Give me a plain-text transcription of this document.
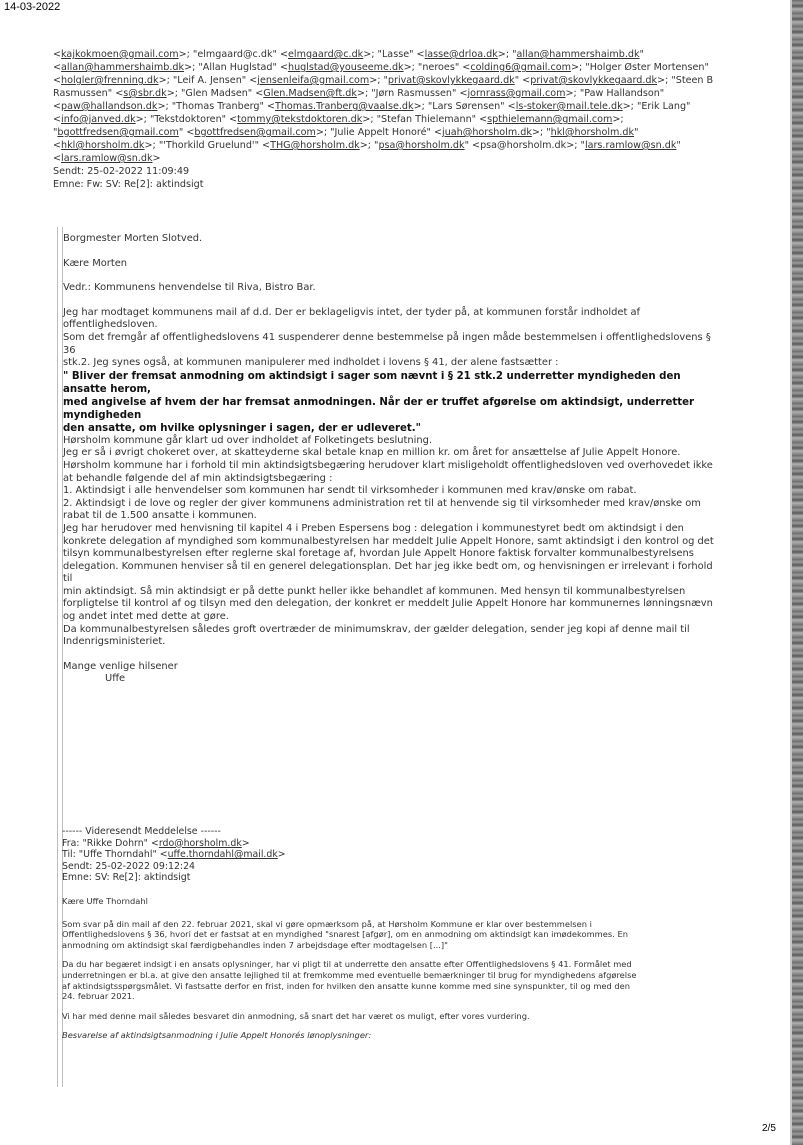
14-03-2022
<kajkokmoen@gmail.com>; "elmgaard@c.dk" <elmgaard@c.dk>; "Lasse" <lasse@drloa.dk>; "allan@hammershaimb.dk"
<allan@hammershaimb.dk>; "Allan Huglstad" <huglstad@youseeme.dk>; "neroes" <colding6@gmail.com>; "Holger Øster Mortensen"
<holgler@frenning.dk>; "Leif A. Jensen" <jensenleifa@gmail.com>; "privat@skovlykkegaard.dk" <privat@skovlykkegaard.dk>; "Steen B
Rasmussen" <s@sbr.dk>; "Glen Madsen" <Glen.Madsen@ft.dk>; "Jørn Rasmussen" <jornrass@gmail.com>; "Paw Hallandson"
<paw@hallandson.dk>; "Thomas Tranberg" <Thomas.Tranberg@vaalse.dk>; "Lars Sørensen" <ls-stoker@mail.tele.dk>; "Erik Lang"
<info@janved.dk>; "Tekstdoktoren" <tommy@tekstdoktoren.dk>; "Stefan Thielemann" <spthielemann@gmail.com>;
"bgottfredsen@gmail.com" <bgottfredsen@gmail.com>; "Julie Appelt Honoré" <juah@horsholm.dk>; "hkl@horsholm.dk"
<hkl@horsholm.dk>; "'Thorkild Gruelund'" <THG@horsholm.dk>; "psa@horsholm.dk" <psa@horsholm.dk>; "lars.ramlow@sn.dk"
<lars.ramlow@sn.dk>
Sendt: 25-02-2022 11:09:49
Emne: Fw: SV: Re[2]: aktindsigt

Borgmester Morten Slotved.

Kære Morten

Vedr.: Kommunens henvendelse til Riva, Bistro Bar.

Jeg har modtaget kommunens mail af d.d. Der er beklageligvis intet, der tyder på, at kommunen forstår indholdet af

offentlighedsloven.

Som det fremgår af offentlighedslovens 41 suspenderer denne bestemmelse på ingen måde bestemmelsen i offentlighedslovens § 36

stk.2. Jeg synes også, at kommunen manipulerer med indholdet i lovens § 41, der alene fastsætter :

" Bliver der fremsat anmodning om aktindsigt i sager som nævnt i § 21 stk.2 underretter myndigheden den ansatte herom,

med angivelse af hvem der har fremsat anmodningen. Når der er truffet afgørelse om aktindsigt, underretter myndigheden

den ansatte, om hvilke oplysninger i sagen, der er udleveret."

Hørsholm kommune går klart ud over indholdet af Folketingets beslutning.

Jeg er så i øvrigt chokeret over, at skatteyderne skal betale knap en million kr. om året for ansættelse af Julie Appelt Honore.

Hørsholm kommune har i forhold til min aktindsigtsbegæring herudover klart misligeholdt offentlighedsloven ved overhovedet ikke

at behandle følgende del af min aktindsigtsbegæring :

1. Aktindsigt i alle henvendelser som kommunen har sendt til virksomheder i kommunen med krav/ønske om rabat.

2. Aktindsigt i de love og regler der giver kommunens administration ret til at henvende sig til virksomheder med krav/ønske om

rabat til de 1.500 ansatte i kommunen.

Jeg har herudover med henvisning til kapitel 4 i Preben Espersens bog : delegation i kommunestyret bedt om aktindsigt i den

konkrete delegation af myndighed som kommunalbestyrelsen har meddelt Julie Appelt Honore, samt aktindsigt i den kontrol og det

tilsyn kommunalbestyrelsen efter reglerne skal foretage af, hvordan Jule Appelt Honore faktisk forvalter kommunalbestyrelsens

delegation. Kommunen henviser så til en generel delegationsplan. Det har jeg ikke bedt om, og henvisningen er irrelevant i forhold til

min aktindsigt. Så min aktindsigt er på dette punkt heller ikke behandlet af kommunen. Med hensyn til kommunalbestyrelsen

forpligtelse til kontrol af og tilsyn med den delegation, der konkret er meddelt Julie Appelt Honore har kommunernes lønningsnævn

og andet intet med dette at gøre.

Da kommunalbestyrelsen således groft overtræder de minimumskrav, der gælder delegation, sender jeg kopi af denne mail til

Indenrigsministeriet.

Mange venlige hilsener

Uffe

------ Videresendt Meddelelse ------

Fra: "Rikke Dohrn" <rdo@horsholm.dk>

Til: "Uffe Thorndahl" <uffe.thorndahl@mail.dk>

Sendt: 25-02-2022 09:12:24

Emne: SV: Re[2]: aktindsigt

Kære Uffe Thorndahl

Som svar på din mail af den 22. februar 2021, skal vi gøre opmærksom på, at Hørsholm Kommune er klar over bestemmelsen i

Offentlighedslovens § 36, hvori det er fastsat at en myndighed "snarest [afgør], om en anmodning om aktindsigt kan imødekommes. En

anmodning om aktindsigt skal færdigbehandles inden 7 arbejdsdage efter modtagelsen [...]"

Da du har begæret indsigt i en ansats oplysninger, har vi pligt til at underrette den ansatte efter Offentlighedslovens § 41. Formålet med

underretningen er bl.a. at give den ansatte lejlighed til at fremkomme med eventuelle bemærkninger til brug for myndighedens afgørelse

af aktindsigtsspørgsmålet. Vi fastsatte derfor en frist, inden for hvilken den ansatte kunne komme med sine synspunkter, til og med den

24. februar 2021.

Vi har med denne mail således besvaret din anmodning, så snart det har været os muligt, efter vores vurdering.

Besvarelse af aktindsigtsanmodning i Julie Appelt Honorés lønoplysninger:

2/5
